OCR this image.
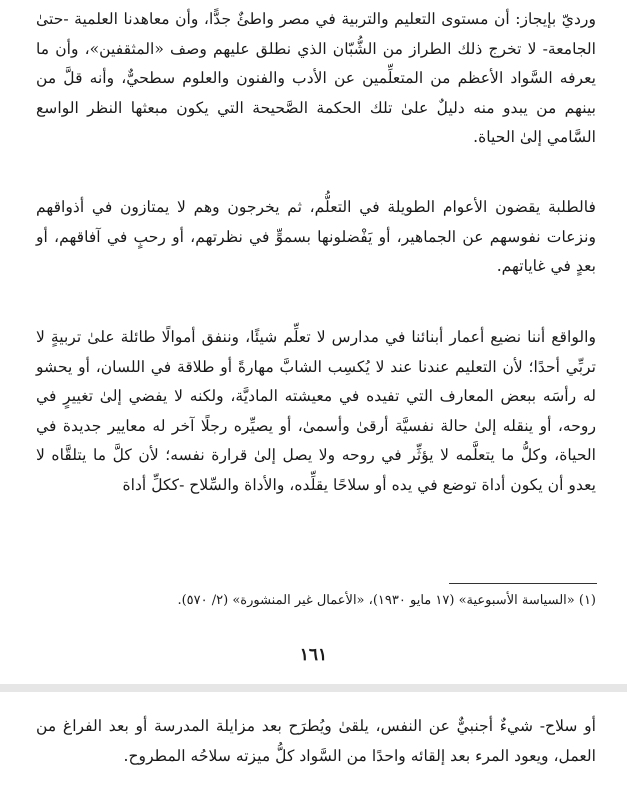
ورديّ بإيجاز: أن مستوى التعليم والتربية في مصر واطئٌ جدًّا، وأن معاهدنا العلمية -حتىٰ الجامعة- لا تخرج ذلك الطراز من الشُّبّان الذي نطلق عليهم وصف «المثقفين»، وأن ما يعرفه السَّواد الأعظم من المتعلِّمين عن الأدب والفنون والعلوم سطحيٌّ، وأنه قلَّ من بينهم من يبدو منه دليلٌ علىٰ تلك الحكمة الصَّحيحة التي يكون مبعثها النظر الواسع السَّامي إلىٰ الحياة.

فالطلبة يقضون الأعوام الطويلة في التعلُّم، ثم يخرجون وهم لا يمتازون في أذواقهم ونزعات نفوسهم عن الجماهير، أو يَفْضلونها بسموٍّ في نظرتهم، أو رحبٍ في آفاقهم، أو بعدٍ في غاياتهم.

والواقع أننا نضيع أعمار أبنائنا في مدارس لا تعلِّم شيئًا، وننفق أموالًا طائلة علىٰ تربيةٍ لا تربِّي أحدًا؛ لأن التعليم عندنا عند لا يُكسِب الشابَّ مهارةً أو طلاقة في اللسان، أو يحشو له رأسَه ببعض المعارف التي تفيده في معيشته الماديَّة، ولكنه لا يفضي إلىٰ تغييرٍ في روحه، أو ينقله إلىٰ حالة نفسيَّة أرقىٰ وأسمىٰ، أو يصيِّره رجلًا آخر له معايير جديدة في الحياة، وكلُّ ما يتعلَّمه لا يؤثِّر في روحه ولا يصل إلىٰ قرارة نفسه؛ لأن كلَّ ما يتلقَّاه لا يعدو أن يكون أداة توضع في يده أو سلاحًا يقلِّده، والأداة والسِّلاح -ككلِّ أداة

(١) «السياسة الأسبوعية» (١٧ مايو ١٩٣٠)، «الأعمال غير المنشورة» (٢/ ٥٧٠).
١٦١

أو سلاح- شيءٌ أجنبيٌّ عن النفس، يلقىٰ ويُطرَح بعد مزايلة المدرسة أو بعد الفراغ من العمل، ويعود المرء بعد إلقائه واحدًا من السَّواد كلُّ ميزته سلاحُه المطروح.
